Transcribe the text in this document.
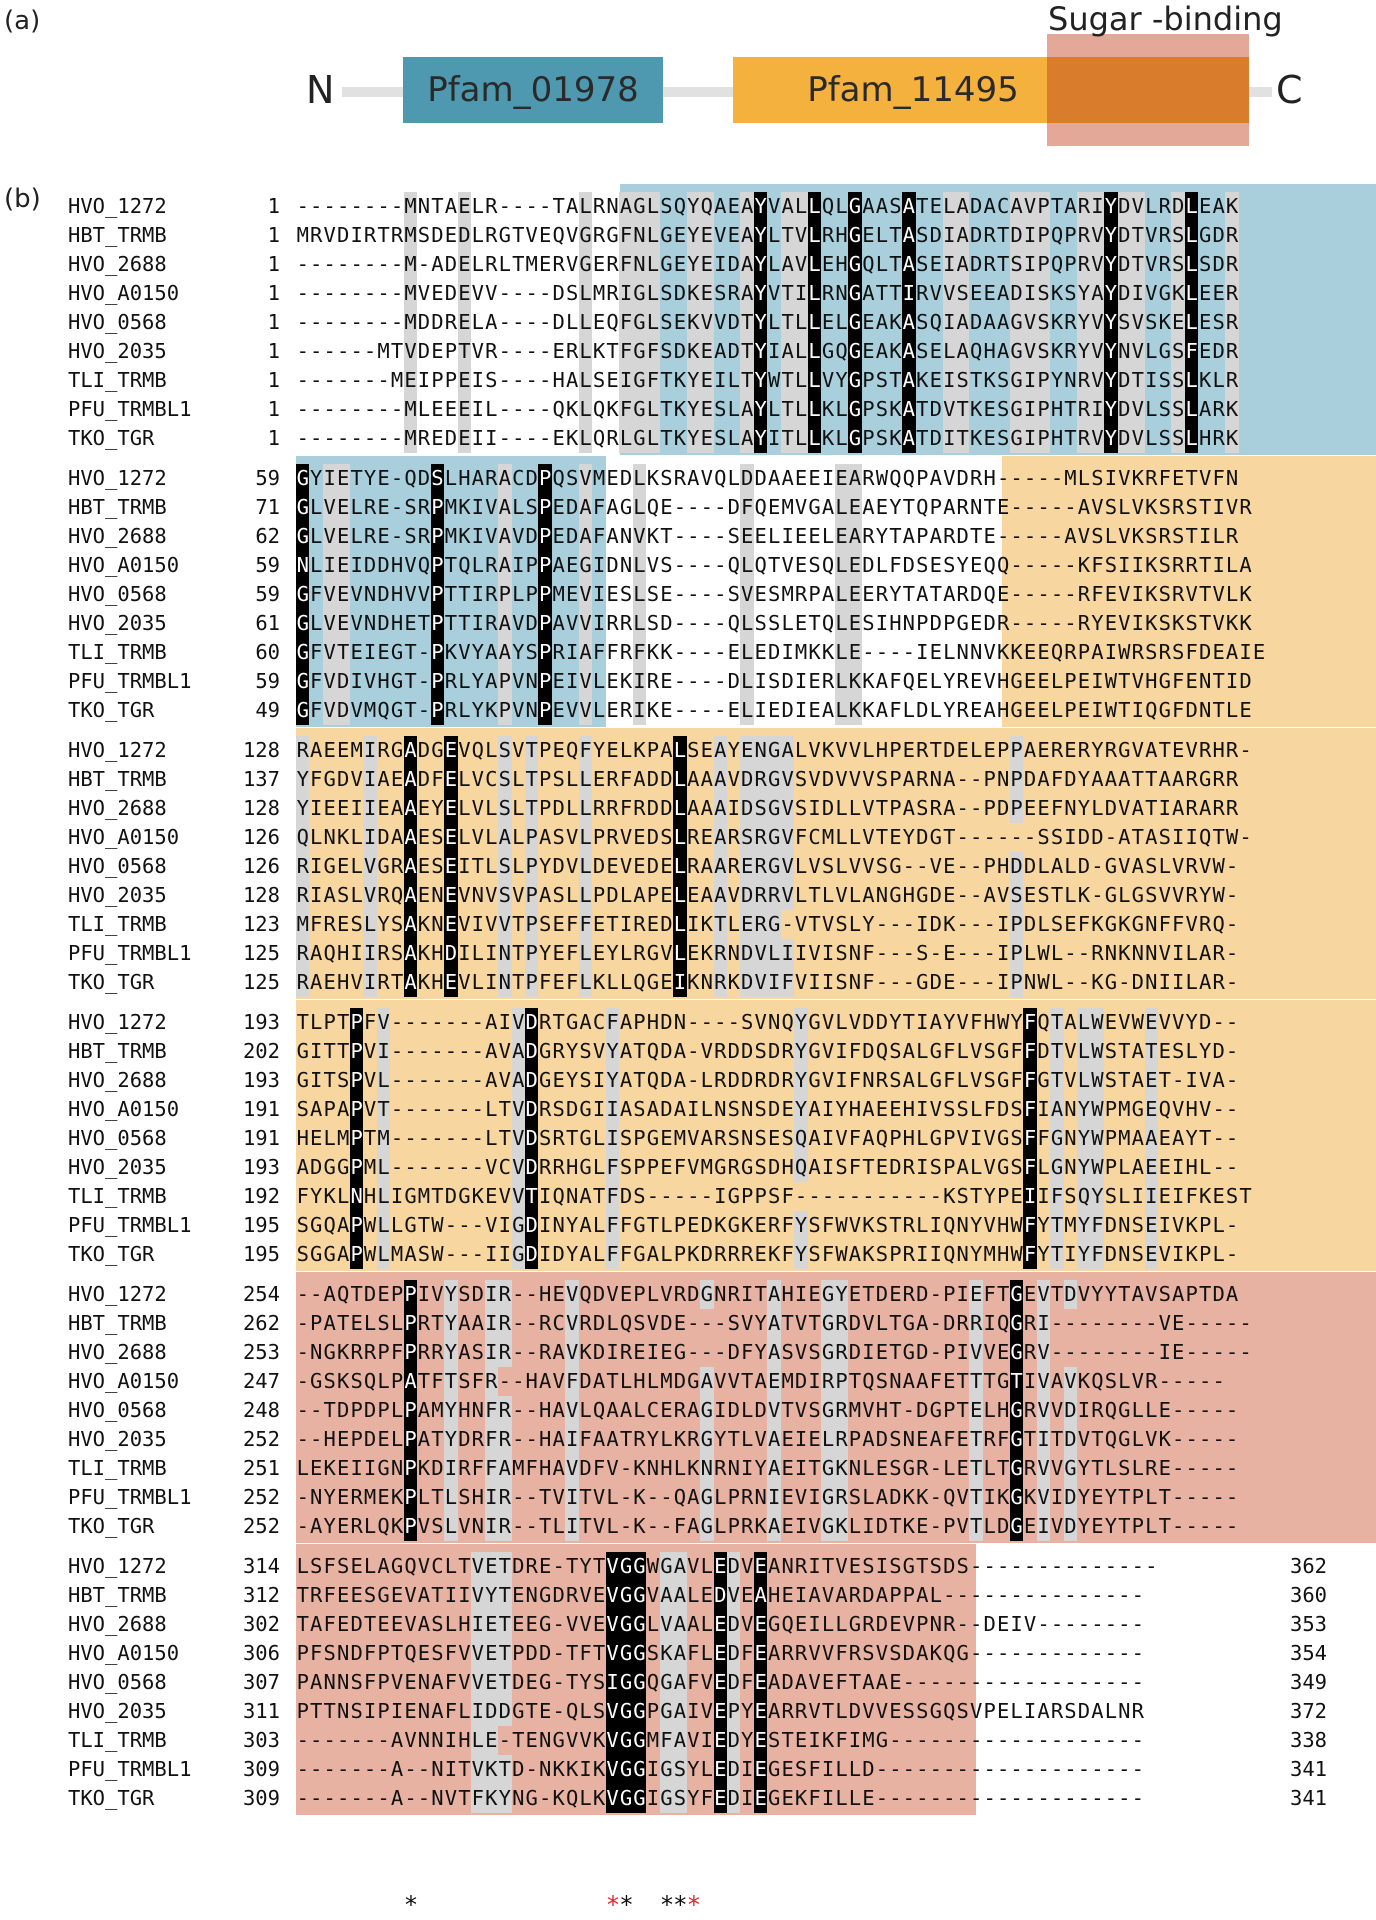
(a)
N	C
Pfam_01978	Pfam_11495
Sugar -binding
(b) HVO_1272	1 --------MNTAELR----TALRNAGLSQYQAEAYVALLQLGAASATELADACAVPTARIYDVLRDLEAK
HBT_TRMB	1 MRVDIRTRMSDEDLRGTVEQVGRGFNLGEYEVEAYLTVLRHGELTASDIADRTDIPQPRVYDTVRSLGDR
HVO_2688	1 --------M-ADELRLTMERVGERFNLGEYEIDAYLAVLEHGQLTASEIADRTSIPQPRVYDTVRSLSDR
HVO_A0150	1 --------MVEDEVV----DSLMRIGLSDKESRAYVTILRNGATTIRVVSEEADISKSYAYDIVGKLEER
HVO_0568	1 --------MDDRELA----DLLEQFGLSEKVVDTYLTLLELGEAKASQIADAAGVSKRYVYSVSKELESR
HVO_2035	1 ------MTVDEPTVR----ERLKTFGFSDKEADTYIALLGQGEAKASELAQHAGVSKRYVYNVLGSFEDR
TLI_TRMB	1 -------MEIPPEIS----HALSEIGFTKYEILTYWTLLVYGPSTAKEISTKSGIPYNRVYDTISSLKLR
PFU_TRMBL1	1 --------MLEEEIL----QKLQKFGLTKYESLAYLTLLKLGPSKATDVTKESGIPHTRIYDVLSSLARK
TKO_TGR	1 --------MREDEII----EKLQRLGLTKYESLAYITLLKLGPSKATDITKESGIPHTRVYDVLSSLHRK
HVO_1272	59 GYIETYE-QDSLHARACDPQSVMEDLKSRAVQLDDAAEEIEARWQQPAVDRH-----MLSIVKRFETVFN
HBT_TRMB	71 GLVELRE-SRPMKIVALSPEDAFAGLQE----DFQEMVGALEAEYTQPARNTE-----AVSLVKSRSTIVR
HVO_2688	62 GLVELRE-SRPMKIVAVDPEDAFANVKT----SEELIEELEARYTAPARDTE-----AVSLVKSRSTILR
HVO_A0150	59 NLIEIDDHVQPTQLRAIPPAEGIDNLVS----QLQTVESQLEDLFDSESYEQQ-----KFSIIKSRRTILA
HVO_0568	59 GFVEVNDHVVPTTIRPLPPMEVIESLSE----SVESMRPALEERYTATARDQE-----RFEVIKSRVTVLK
HVO_2035	61 GLVEVNDHETPTTIRAVDPAVVIRRLSD----QLSSLETQLESIHNPDPGEDR-----RYEVIKSKSTVKK
TLI_TRMB	60 GFVTEIEGT-PKVYAAYSPRIAFFRFKK----ELEDIMKKLE----IELNNVKKEEQRPAIWRSRSFDEAIE
PFU_TRMBL1	59 GFVDIVHGT-PRLYAPVNPEIVLEKIRE----DLISDIERLKKAFQELYREVHGEELPEIWTVHGFENTID
TKO_TGR	49 GFVDVMQGT-PRLYKPVNPEVVLERIKE----ELIEDIEALKKAFLDLYREAHGEELPEIWTIQGFDNTLE
HVO_1272	128 RAEEMIRGADGEVQLSVTPEQFYELKPALSEAYENGALVKVVLHPERTDELEPPAERERYRGVATEVRHR-
HBT_TRMB	137 YFGDVIAEADFELVCSLTPSLLERFADDLAAAVDRGVSVDVVVSPARNA--PNPDAFDYAAATTAARGRR
HVO_2688	128 YIEEIIEAAEYELVLSLTPDLLRRFRDDLAAAIDSGVSIDLLVTPASRA--PDPEEFNYLDVATIARARR
HVO_A0150	126 QLNKLIDAAESELVLALPASVLPRVEDSLREARSRGVFCMLLVTEYDGT------SSIDD-ATASIIQTW-
HVO_0568	126 RIGELVGRAESEITLSLPYDVLDEVEDELRAARERGVLVSLVVSG--VE--PHDDLALD-GVASLVRVW-
HVO_2035	128 RIASLVRQAENEVNVSVPASLLPDLAPELEAAVDRRVLTLVLANGHGDE--AVSESTLK-GLGSVVRYW-
TLI_TRMB	123 MFRESLYSAKNEVIVVTPSEFFETIREDLIKTLERG-VTVSLY---IDK---IPDLSEFKGKGNFFVRQ-
PFU_TRMBL1	125 RAQHIIRSAKHDILINTPYEFLEYLRGVLEKRNDVLIIVISNF---S-E---IPLWL--RNKNNVILAR-
TKO_TGR	125 RAEHVIRTAKHEVLINTPFEFLKLLQGEIKNRKDVIFVIISNF---GDE---IPNWL--KG-DNIILAR-
HVO_1272	193 TLPTPFV-------AIVDRTGACFAPHDN----SVNQYGVLVDDYTIAYVFHWYFQTALWEVWEVVYD--
HBT_TRMB	202 GITTPVI-------AVADGRYSVYATQDA-VRDDSDRYGVIFDQSALGFLVSGFFDTVLWSTATESLYD-
HVO_2688	193 GITSPVL-------AVADGEYSIYATQDA-LRDDRDRYGVIFNRSALGFLVSGFFGTVLWSTAET-IVA-
HVO_A0150	191 SAPAPVT-------LTVDRSDGIIASADAILNSNSDEYAIYHAEEHIVSSLFDSFIANYWPMGEQVHV--
HVO_0568	191 HELMPTM-------LTVDSRTGLISPGEMVARSNSESQAIVFAQPHLGPVIVGSFFGNYWPMAAEAYT--
HVO_2035	193 ADGGPML-------VCVDRRHGLFSPPEFVMGRGSDHQAISFTEDRISPALVGSFLGNYWPLAEEIHL--
TLI_TRMB	192 FYKLNHLIGMTDGKEVVTIQNATFDS-----IGPPSF-----------KSTYPEIIFSQYSLIIEIFKEST
PFU_TRMBL1	195 SGQAPWLLGTW---VIGDINYALFFGTLPEDKGKERFYSFWVKSTRLIQNYVHWFYTMYFDNSEIVKPL-
TKO_TGR	195 SGGAPWLMASW---IIGDIDYALFFGALPKDRRREKFYSFWAKSPRIIQNYMHWFYTIYFDNSEVIKPL-
HVO_1272	254 --AQTDEPPIVYSDIR--HEVQDVEPLVRDGNRITAHIEGYETDERD-PIEFTGEVTDVYYTAVSAPTDA
HBT_TRMB	262 -PATELSLPRTYAAIR--RCVRDLQSVDE---SVYATVTGRDVLTGA-DRRIQGRI--------VE-----
HVO_2688	253 -NGKRRPFPRRYASIR--RAVKDIREIEG---DFYASVSGRDIETGD-PIVVEGRV--------IE-----
HVO_A0150	247 -GSKSQLPATFTSFR--HAVFDATLHLMDGAVVTAEMDIRPTQSNAAFETTTGTIVAVKQSLVR-----
HVO_0568	248 --TDPDPLPAMYHNFR--HAVLQAALCERAGIDLDVTVSGRMVHT-DGPTELHGRVVDIRQGLLE-----
HVO_2035	252 --HEPDELPATYDRFR--HAIFAATRYLKRGYTLVAEIELRPADSNEAFETRFGTITDVTQGLVK-----
TLI_TRMB	251 LEKEIIGNPKDIRFFAMFHAVDFV-KNHLKNRNIYAEITGKNLESGR-LETLTGRVVGYTLSLRE-----
PFU_TRMBL1	252 -NYERMEKPLTLSHIR--TVITVL-K--QAGLPRNIEVIGRSLADKK-QVTIKGKVIDYEYTPLT-----
TKO_TGR	252 -AYERLQKPVSLVNIR--TLITVL-K--FAGLPRKAEIVGKLIDTKE-PVTLDGEIVDYEYTPLT-----
HVO_1272	314 LSFSELAGQVCLTVETDRE-TYTVGGWGAVLEDVEANRITVESISGTSDS--------------	362
HBT_TRMB	312 TRFEESGEVATIIVYTENGDRVEVGGVAALEDVEAHEIAVARDAPPAL---------------	360
HVO_2688	302 TAFEDTEEVASLHIETEEG-VVEVGGLVAALEDVEGQEILLGRDEVPNR--DEIV--------	353
HVO_A0150	306 PFSNDFPTQESFVVETPDD-TFTVGGSKAFLEDFEARRVVFRSVSDAKQG-------------	354
HVO_0568	307 PANNSFPVENAFVVETDEG-TYSIGGQGAFVEDFEADAVEFTAAE------------------	349
HVO_2035	311 PTTNSIPIENAFLIDDGTE-QLSVGGPGAIVEPYEARRVTLDVVESSGQSVPELIARSDALNR	372
TLI_TRMB	303 -------AVNNIHLE-TENGVVKVGGMFAVIEDYESTEIKFIMG-------------------	338
PFU_TRMBL1	309 -------A--NITVKTD-NKKIKVGGIGSYLEDIEGESFILLD--------------------	341
TKO_TGR	309 -------A--NVTFKYNG-KQLKVGGIGSYFEDIEGEKFILLE--------------------	341
*	* * * * *
